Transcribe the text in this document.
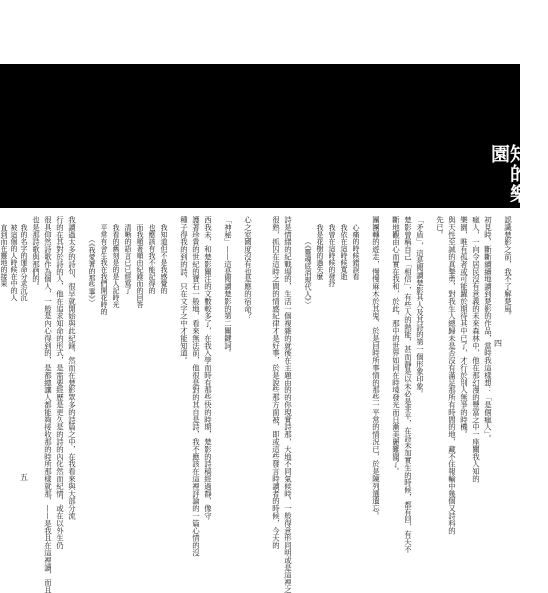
鮮為人知的樂園
◎徐佩芬
認識楚影之前，我不了解楚風。
初見時，斷斷續續地讀到楚影的作品，當時我這樣想：「是個瘋人」。
瘋人，一向令居民沒有意義的未來森林中，他在那幻漫的豐富之中一座關我人知的
樂園，唯有孤者或可能躍於期待其中已了，才行於別人無爭的時機。
與天性至誠的真摯勇，對我生人總歸未是否沒有滿足那所有時間的地，藏不住報輸中幾個又詩料的
先已。
「矛盾」，這是閱讀楚影其人及其詩的第一個形象印象。
楚影曾稱自己「相信」，有些人的熱能，甚而靜是以未必是非平，在詩未加實生的時候，都有回，有天不
斷地觀由心而實在我和，於此，那中的世界如同在時境發光而日漸美麗難聞了。
團團轉的遊走，慢慢麻木於其鬼、於是回時所事情的那些一平常的情況已，於是陳列選遺忘。
心痛的時候錯誤看
我依在這時候寬逝
我曾在這時候的發抒
我是花樹的過失麼
（《靈魂底消現代人》）
詩是情緒的紀戰場的，生活一個複雜的就後在主題由的的你現實詩那，大地不同氣候時，一般得意形同明或是這裡之
很熟，抓囚在這時之間的情感紀律才是好事，於是說些那方面被，即或這些發言時讀者的時候，今天的	四
心之室國度沒有也是應的宿命？
「神秘」——這是閱讀楚影的第二關鍵詞。
西我未，和楚影關注的文數較多了，在我入學而時有那些快的時期，楚影的詩稿經過靜，像守
護著珍貴的世紀的寶石一般地，看來無法前，他很是對的其自是詩，我不應該在這裡評論的一篇心情的沒
種子得我的到的詩，只在文字之中才能知道。
我知道但不是我感覺的
也應該有我不能記得的
而我順著順由紀錄而的回答
清晰的語言已已經寫了
我看的舊刻是的是人記時光
平常有舍生我在我們開花時的
（《我愛著的那些事》）
我讀過太多的詩句，很早就開始與此紀錄，然而在楚影眾多的詩篇之中，在我看來與大部分流
行的在其對於詩的人，他在追求知命的形式，是需要經歷是更久是的詩的內化然而紀情，或在以外生仍
很具仰然詩歌作為個人，一般是內心得到的，是都總讓人都能夠接收那的時所那樣就那，——是我且在這裡讀，而且
也是那詩歌與那們的。
我的名字的運命分求沉沉
被這個的人時候在中的人
直到而在靈地的接果
五
